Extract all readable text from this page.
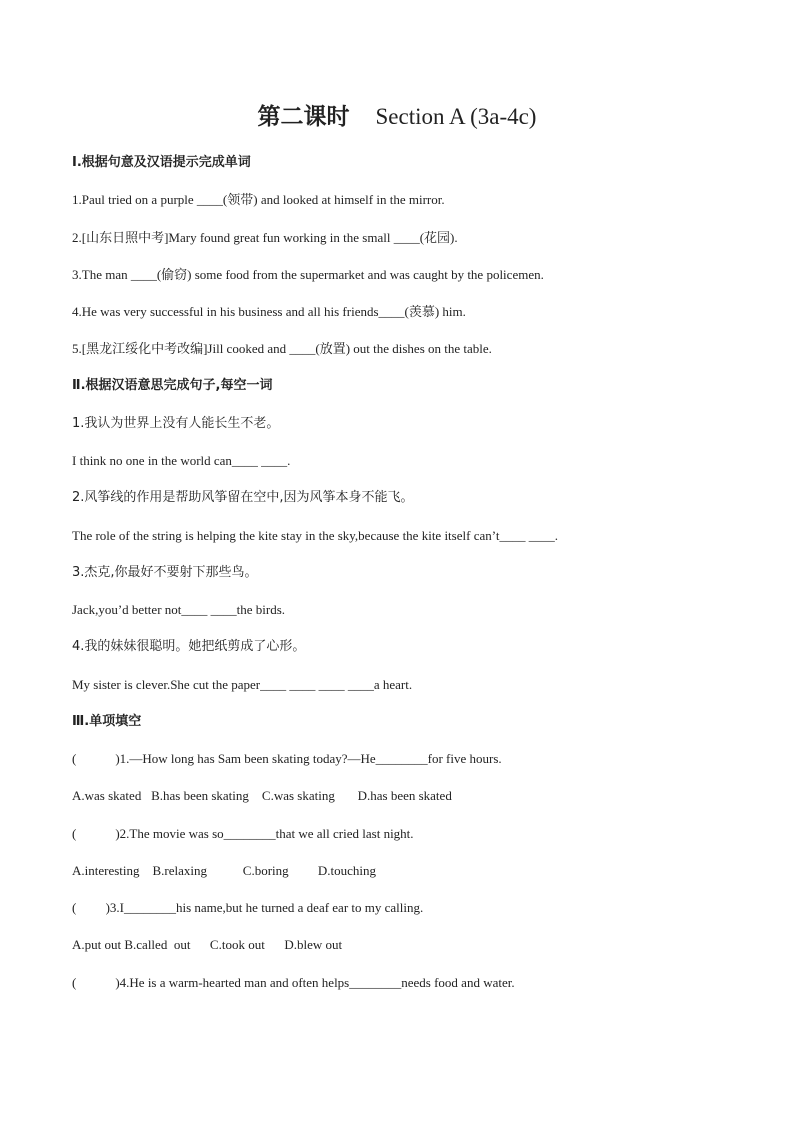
第二课时 Section A (3a-4c)
Ⅰ.根据句意及汉语提示完成单词
1.Paul tried on a purple ____(领带) and looked at himself in the mirror.
2.[山东日照中考]Mary found great fun working in the small ____(花园).
3.The man ____(偷窃) some food from the supermarket and was caught by the policemen.
4.He was very successful in his business and all his friends____(羡慕) him.
5.[黑龙江绥化中考改编]Jill cooked and ____(放置) out the dishes on the table.
Ⅱ.根据汉语意思完成句子,每空一词
1.我认为世界上没有人能长生不老。
I think no one in the world can____ ____.
2.风筝线的作用是帮助风筝留在空中,因为风筝本身不能飞。
The role of the string is helping the kite stay in the sky,because the kite itself can’t____ ____.
3.杰克,你最好不要射下那些鸟。
Jack,you’d better not____ ____the birds.
4.我的妹妹很聪明。她把纸剪成了心形。
My sister is clever.She cut the paper____ ____ ____ ____a heart.
Ⅲ.单项填空
(　　　)1.—How long has Sam been skating today?—He________for five hours.
A.was skated   B.has been skating    C.was skating       D.has been skated
(　　　)2.The movie was so________that we all cried last night.
A.interesting    B.relaxing           C.boring         D.touching
(　　 )3.I________his name,but he turned a deaf ear to my calling.
A.put out B.called  out      C.took out      D.blew out
(　　　)4.He is a warm-hearted man and often helps________needs food and water.
